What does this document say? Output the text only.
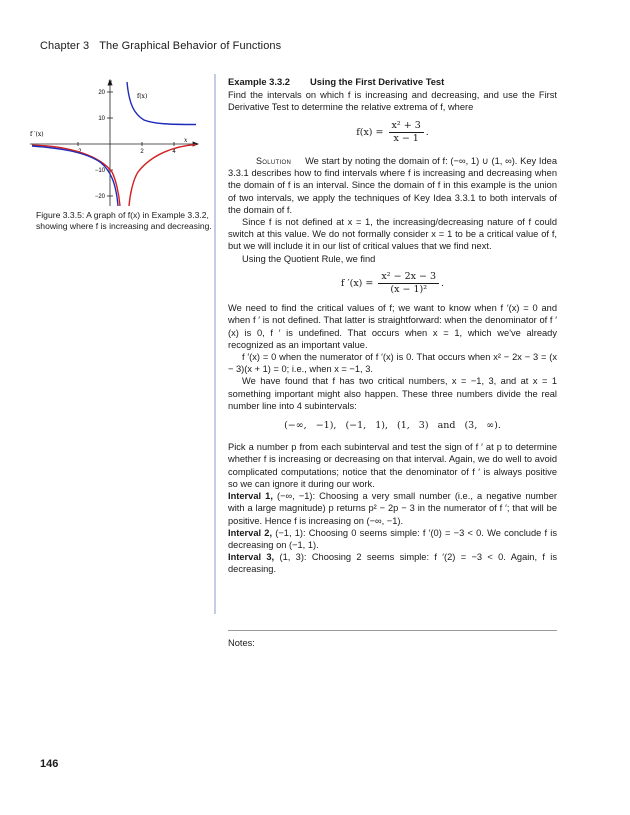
Chapter 3 The Graphical Behavior of Functions
y
x
20
10
−10
−20
−2	2	4
f(x)
f ′(x)
Figure 3.3.5: A graph of f(x) in Example 3.3.2, showing where f is increasing and decreasing.
Example 3.3.2 Using the First Derivative Test

Find the intervals on which f is increasing and decreasing, and use the First Derivative Test to determine the relative extrema of f, where

$f(x) = \frac{\text{x² + 3}}{x - 1}$ .

Solution We start by noting the domain of f: (−∞, 1) ∪ (1, ∞). Key Idea 3.3.1 describes how to find intervals where f is increasing and decreasing when the domain of f is an interval. Since the domain of f in this example is the union of two intervals, we apply the techniques of Key Idea 3.3.1 to both intervals of the domain of f.

Since f is not defined at x = 1, the increasing/decreasing nature of f could switch at this value. We do not formally consider x = 1 to be a critical value of f, but we will include it in our list of critical values that we find next.

Using the Quotient Rule, we find

f $'(x) = \frac{\text{x² − 2x − 3}}{\text{(x − 1)²}}$ .

We need to find the critical values of f; we want to know when f ′(x) = 0 and when f ′ is not defined. That latter is straightforward: when the denominator of f ′(x) is 0, f ′ is undefined. That occurs when x = 1, which we've already recognized as an important value.

f ′(x) = 0 when the numerator of f ′(x) is 0. That occurs when x² − 2x − 3 = (x − 3)(x + 1) = 0; i.e., when x = −1, 3.

We have found that f has two critical numbers, x = −1, 3, and at x = 1 something important might also happen. These three numbers divide the real number line into 4 subintervals:

(−∞, −1), (−1, 1), (1, 3) and (3, ∞).

Pick a number p from each subinterval and test the sign of f ′ at p to determine whether f is increasing or decreasing on that interval. Again, we do well to avoid complicated computations; notice that the denominator of f ′ is always positive so we can ignore it during our work.

Interval 1, (−∞, −1): Choosing a very small number (i.e., a negative number with a large magnitude) p returns p² − 2p − 3 in the numerator of f ′; that will be positive. Hence f is increasing on (−∞, −1).

Interval 2, (−1, 1): Choosing 0 seems simple: f ′(0) = −3 < 0. We conclude f is decreasing on (−1, 1).

Interval 3, (1, 3): Choosing 2 seems simple: f ′(2) = −3 < 0. Again, f is decreasing.

Notes:
146
